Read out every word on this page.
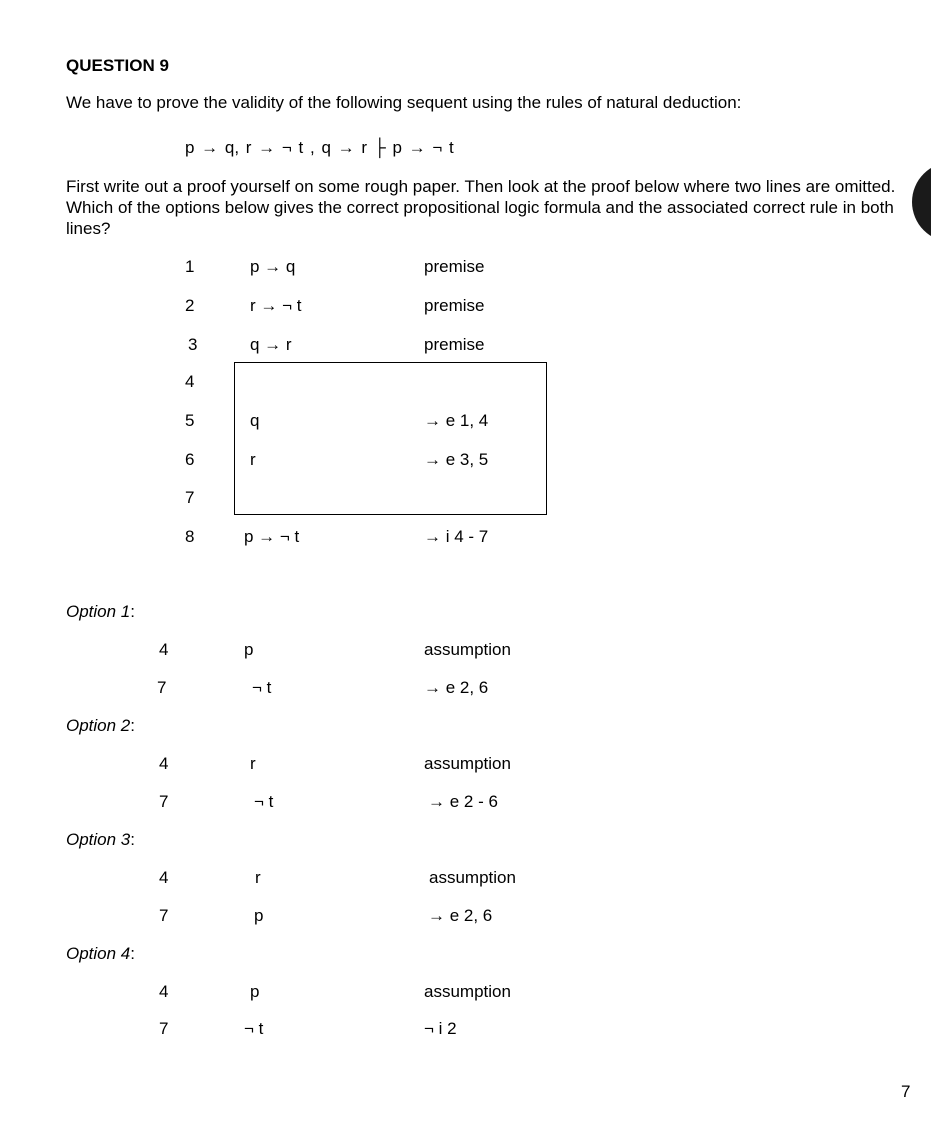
QUESTION 9
We have to prove the validity of the following sequent using the rules of natural deduction:
p → q, r → ¬ t , q → r ├ p → ¬ t
First write out a proof yourself on some rough paper. Then look at the proof below where two lines are omitted. Which of the options below gives the correct propositional logic formula and the associated correct rule in both lines?
1	p → q	premise
2	r → ¬ t	premise
3	q → r	premise
4
5	q	→ e 1, 4
6	r	→ e 3, 5
7
8	p → ¬ t	→ i 4 - 7
Option 1:
4	p	assumption
7	¬ t	→ e 2, 6
Option 2:
4	r	assumption
7	¬ t	→ e 2 - 6
Option 3:
4	r	assumption
7	p	→ e 2, 6
Option 4:
4	p	assumption
7	¬ t	¬ i 2
7
